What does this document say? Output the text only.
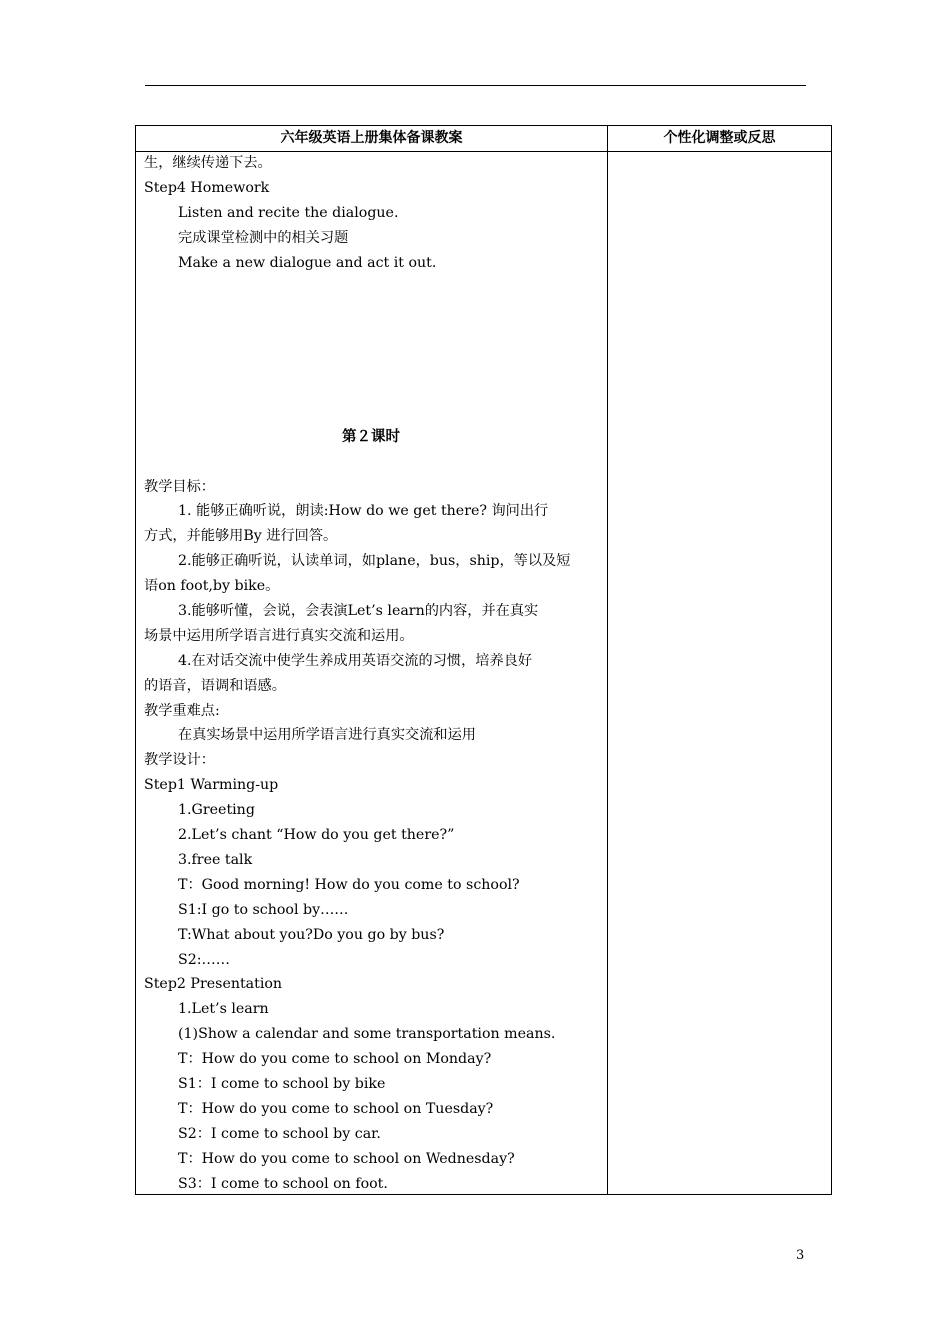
六年级英语上册集体备课教案	个性化调整或反思
生，继续传递下去。
Step4 Homework
Listen and recite the dialogue.
完成课堂检测中的相关习题
Make a new dialogue and act it out.
第２课时
教学目标：
1. 能够正确听说，朗读:How do we get there? 询问出行
方式，并能够用By 进行回答。
2.能够正确听说，认读单词，如plane，bus，ship，等以及短
语on foot,by bike。
3.能够听懂，会说，会表演Let’s learn的内容，并在真实
场景中运用所学语言进行真实交流和运用。
4.在对话交流中使学生养成用英语交流的习惯，培养良好
的语音，语调和语感。
教学重难点:
在真实场景中运用所学语言进行真实交流和运用
教学设计：
Step1 Warming-up
1.Greeting
2.Let’s chant “How do you get there?”
3.free talk
T：Good morning! How do you come to school?
S1:I go to school by……
T:What about you?Do you go by bus?
S2:……
Step2 Presentation
1.Let’s learn
(1)Show a calendar and some transportation means.
T：How do you come to school on Monday?
S1：I come to school by bike
T：How do you come to school on Tuesday?
S2：I come to school by car.
T：How do you come to school on Wednesday?
S3：I come to school on foot.
3
